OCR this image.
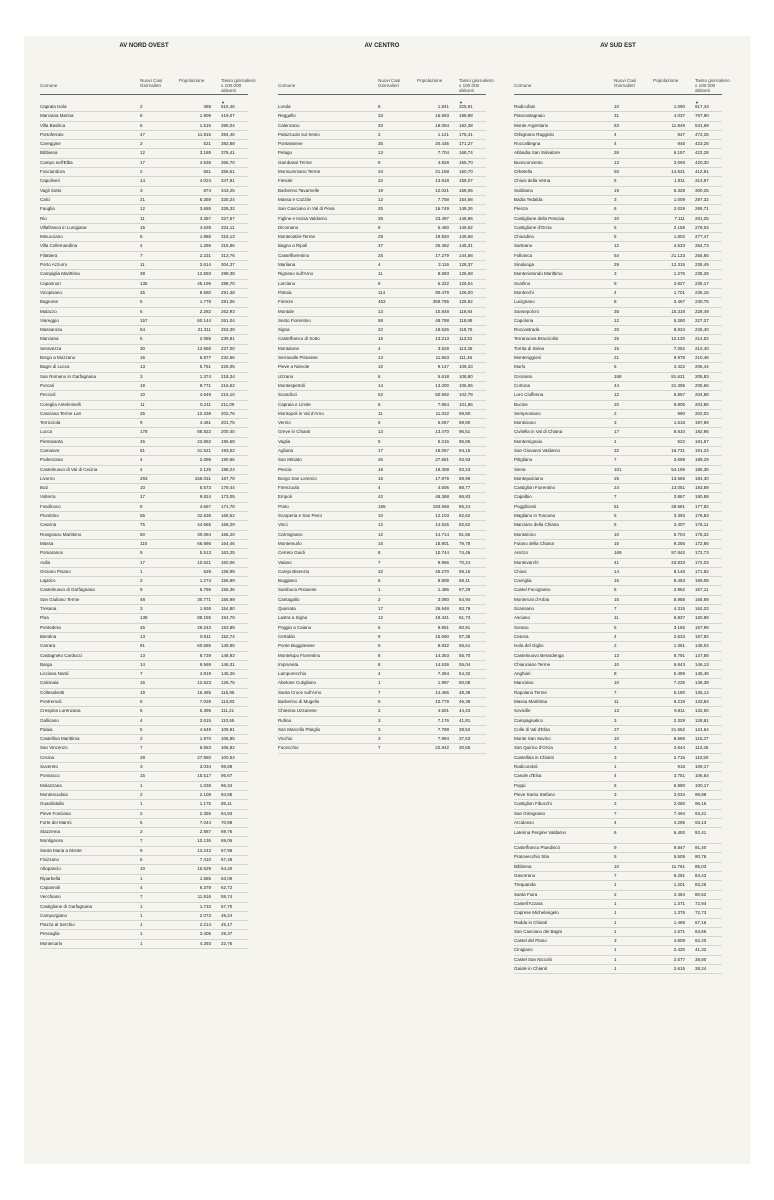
AV NORD OVEST
Comune
Nuovi Casi Giornalieri
Popolazione	Tasso giornaliero x 100.000 abitanti
▼
Capraia Isola	2	388 515,46
Marciana Marina	8	1.909 419,07
Villa Basilica	6	1.515 396,04
Portoferraio	47	11.915 394,46
Careggine	2	521 383,88
Bibbiena	12	3.188 376,41
Campo nell'Elba	17	4.636 366,70
Fosciandora	2	561 356,51
Capoliveri	14	4.024 347,91
Vagli Sotto	3	874 343,25
Calci	21	6.359 330,24
Fauglia	12	3.655 328,32
Rio	11	3.357 327,67
Villafranca in Lunigiana	15	4.628 324,11
Minucciano	6	1.886 318,13
Villa Collemandina	4	1.266 315,96
Filattiera	7	2.231 313,76
Porto Azzurro	11	3.614 304,37
Campiglia Marittima	38	12.693 299,38
Capannori	135	45.196 298,70
Vicopisano	25	8.580 291,38
Bagnone	5	1.779 281,06
Mulazzo	6	2.282 262,93
Viareggio	157	60.144 261,04
Massarosa	54	21.311 253,39
Marciana	5	2.085 239,81
Seravezza	30	12.658 237,00
Borgo a Mozzano	16	6.877 232,66
Bagni di Lucca	13	5.751 226,05
San Romano in Garfagnana	3	1.374 218,34
Porcari	19	8.771 216,62
Peccioli	10	4.649 215,10
Coreglia Antelminelli	11	5.211 211,09
Casciana Terme Lari	25	12.338 202,76
Terricciola	9	4.461 201,75
Lucca	178	88.822 200,40
Pietrasanta	45	22.892 196,58
Camaiore	61	31.521 193,52
Podenzana	4	2.098 190,66
Castelnuovo di Val di Cecina	4	2.125 188,24
Livorno	293	156.031 187,78
Buti	10	5.573 179,44
Volterra	17	9.824 173,05
Fosdinovo	8	4.657 171,78
Piombino	55	32.638 168,52
Cascina	75	44.565 168,29
Rosignano Marittimo	50	30.084 166,20
Massa	110	66.886 164,46
Pomarance	9	5.513 163,25
Aulla	17	10.621 160,06
Orciano Pisano	1	629 158,98
Lajatico	2	1.274 156,99
Castelnuovo di Garfagnana	9	5.756 156,36
San Giuliano Terme	48	30.771 155,99
Tresana	3	1.938 154,80
Pisa	138	89.155 154,79
Pontedera	45	29.243 153,88
Bientina	13	8.511 152,74
Carrara	91	60.685 149,95
Castagneto Carducci	13	8.729 148,93
Barga	14	9.569 146,31
Licciana Nardi	7	4.819 145,26
Calcinaia	16	12.623 126,75
Collesalvetti	19	16.385 115,96
Pontremoli	8	7.028 113,83
Crespina Lorenzana	6	5.395 111,21
Gallicano	4	3.615 110,65
Palaia	5	4.549 109,91
Castellina Marittima	2	1.870 106,95
San Vincenzo	7	6.553 106,82
Cecina	28	27.850 100,54
Suvereto	3	3.034 98,88
Ponsacco	15	15.517 96,67
Molazzana	1	1.038 96,34
Montescudaio	2	2.108 94,88
Guardistallo	1	1.175 85,11
Pieve Fosciana	2	2.355 84,93
Forte dei Marmi	5	7.044 70,98
Stazzema	2	2.867 69,76
Montignoso	7	10.136 69,06
Santa Maria a Monte	9	13.243 67,96
Fivizzano	5	7.410 67,48
Altopascio	10	15.529 64,40
Riparbella	1	1.585 63,09
Capannoli	4	6.378 62,72
Vecchiano	7	11.916 58,74
Castiglione di Garfagnana	1	1.733 57,70
Camporgiano	1	2.073 48,24
Piazza al Serchio	1	2.214 45,17
Pescaglia	1	3.405 29,37
Montecarlo	1	4.393 22,76
AV CENTRO
Comune
Nuovi Casi Giornalieri
Popolazione	Tasso giornaliero x 100.000 abitanti
▼
Londa	6	1.841 325,91
Reggello	33	16.593 198,88
Calenzano	33	18.094 182,38
Palazzuolo sul Senio	2	1.121 178,41
Pontassieve	35	20.436 171,27
Pelago	13	7.704 168,74
Gambassi Terme	8	4.828 165,70
Monsummano Terme	34	21.158 160,70
Fiesole	22	13.918 158,07
Barberino Tavarnelle	19	12.021 158,06
Massa e Cozzile	12	7.758 154,68
San Casciano in Val di Pesa	25	16.749 149,26
Figline e Incisa Valdarno	35	23.497 148,96
Dicomano	8	5.460 146,52
Montecatini-Terme	29	19.920 145,58
Bagno a Ripoli	37	25.462 145,31
Castelfiorentino	25	17.279 144,68
Marliana	4	3.116 128,37
Rignano sull'Arno	11	8.683 126,68
Larciano	8	6.322 126,54
Pistoia	114	90.479 126,00
Firenze	453	359.755 125,92
Montale	13	10.848 119,84
Sesto Fiorentino	58	48.788 118,88
Signa	22	18.526 118,75
Castelfranco di Sotto	15	13.213 113,52
Montaione	4	3.529 113,35
Serravalle Pistoiese	13	11.663 111,46
Pieve a Nievole	10	9.147 109,33
Uzzano	6	5.618 106,80
Montespertoli	14	13.200 106,06
Scandicci	52	50.592 102,78
Capraia e Limite	8	7.854 101,86
Montopoli in Val d'Arno	11	11.022 99,80
Vernio	6	6.067 98,90
Greve in Chianti	13	13.470 96,51
Vaglia	5	5.216 95,86
Agliana	17	18.057 94,15
San Miniato	26	27.681 93,93
Pescia	18	19.308 93,23
Borgo San Lorenzo	16	17.979 88,99
Firenzuola	4	4.506 88,77
Empoli	42	48.368 86,83
Prato	165	193.568 85,24
Scarperia e San Piero	10	12.103 82,62
Vinci	12	14.525 82,62
Carmignano	12	14.714 81,55
Montemurlo	15	18.801 79,78
Cerreto Guidi	8	10.744 74,46
Vaiano	7	9.966 70,24
Campi Bisenzio	32	46.270 69,16
Buggiano	6	8.809 68,11
Sambuca Pistoiese	1	1.486 67,29
Cantagallo	2	3.080 64,94
Quarrata	17	26.648 63,79
Lastra a Signa	12	19.441 61,73
Poggio a Caiano	6	9.851 60,91
Certaldo	9	15.690 57,36
Ponte Buggianese	5	8.832 56,61
Montelupo Fiorentino	8	14.363 55,70
Impruneta	8	14.536 55,04
Lamporecchio	4	7.364 54,32
Abetone Cutigliano	1	1.997 50,08
Santa Croce sull'Arno	7	14.465 48,39
Barberino di Mugello	5	10.779 46,39
Chiesina Uzzanese	2	4.501 44,43
Rufina	3	7.176 41,81
San Marcello Piteglio	3	7.788 38,52
Vicchio	3	7.994 37,53
Fucecchio	7	22.842 30,65
AV SUD EST
Comune
Nuovi Casi Giornalieri
Popolazione	Tasso giornaliero x 100.000 abitanti
▼
Radicofani	10	1.090 917,43
Piancastagnaio	31	4.037 767,90
Monte Argentario	63	11.849 531,69
Orbignano Raggiolo	4	847 472,26
Roccalbegna	4	945 423,28
Abbadia San Salvatore	26	6.157 422,28
Buonconvento	13	3.093 420,30
Orbetello	60	14.531 412,91
Chiusi della Verna	6	1.911 313,97
Subbiano	19	6.328 300,25
Badia Tedalda	3	1.009 297,32
Pienza	6	2.029 295,71
Castiglione della Pescaia	20	7.111 281,25
Castiglione d'Orcia	6	2.158 278,04
Chiusdino	5	1.802 277,47
Sarteano	12	4.533 264,73
Follonica	54	21.123 255,65
Sinalunga	29	12.315 235,49
Monteriotondo Marittimo	3	1.275 235,29
Scarlino	9	3.827 235,17
Monterchi	4	1.701 235,16
Lucignano	8	3.467 230,75
Sansepolcro	35	15.318 228,49
Capolona	12	5.280 227,27
Roccastrada	20	8.834 226,40
Terranuova Bracciolini	26	12.120 214,52
Torrita di Siena	15	7.062 212,40
Monteriggioni	21	9.978 210,46
Murlo	5	2.422 206,44
Grosseto	168	81.621 205,83
Cortona	44	21.395 205,66
Loro Ciuffenna	12	5.857 204,88
Bucine	20	9.806 203,96
Semproniano	2	990 202,02
Monticiano	3	1.516 197,89
Civitella in Val di Chiana	17	8.810 192,96
Montemignaio	1	522 191,57
San Giovanni Valdarno	32	16.731 191,24
Pitigliano	7	3.698 189,29
Siena	101	54.195 186,36
Montepulciano	25	13.565 184,30
Castiglion Fiorentino	24	13.051 183,89
Capalbio	7	3.867 180,89
Poggibonsi	51	28.681 177,82
Magliano in Toscana	6	3.393 176,83
Marciano della Chiana	6	3.407 176,11
Montalcino	10	5.704 175,32
Foiano della Chiana	15	9.256 172,86
Arezzo	169	97.842 172,73
Montevarchi	41	23.833 172,03
Chiusi	14	8.148 171,82
Cavriglia	16	9.463 169,08
Castel Focognano	5	2.962 167,11
Monteroni d'Arbia	15	8.988 166,89
Scansano	7	4.315 162,22
Asciano	11	6.837 160,89
Sorano	5	3.165 157,98
Cetona	4	2.533 157,92
Isola del Giglio	2	1.351 148,04
Castelnuovo Berardenga	13	8.791 147,88
Chianciano Terme	10	6.843 146,13
Anghiari	8	5.499 145,48
Manciano	10	7.226 138,39
Rapolano Terme	7	5.180 135,14
Massa Marittima	11	8.219 133,84
Sovicille	13	9.811 132,50
Campagnatico	3	2.329 128,81
Colle di Val d'Elsa	27	21.662 124,64
Monte San Savino	10	8.668 115,37
San Quirico d'Orcia	3	2.644 113,46
Castellina in Chianti	3	2.715 110,50
Radicondoli	1	916 109,17
Casole d'Elsa	4	3.751 106,64
Poppi	6	5.990 100,17
Pieve Santo Stefano	3	3.034 98,88
Castiglion Fibocchi	2	2.080 96,15
San Gimignano	7	7.494 93,41
Arcidosso	4	4.295 93,13
Laterina Pergine Valdarno	6	6.493 92,41
Castelfranco Piandiscò	9	9.847 91,40
Pratovecchio Stia	5	5.509 90,76
Bibbiena	10	11.761 85,03
Gavorrano	7	8.291 84,43
Trequanda	1	1.201 83,26
Santa Fiora	2	2.484 80,52
Castell'Azzara	1	1.371 72,94
Caprese Michelangelo	1	1.375 72,73
Radda in Chianti	1	1.489 67,16
San Casciano dei Bagni	1	1.571 63,65
Castel del Piano	3	4.808 62,40
Cinigiano	1	2.420 41,32
Castel San Niccolò	1	2.577 38,80
Gaiole in Chianti	1	2.615 38,24
